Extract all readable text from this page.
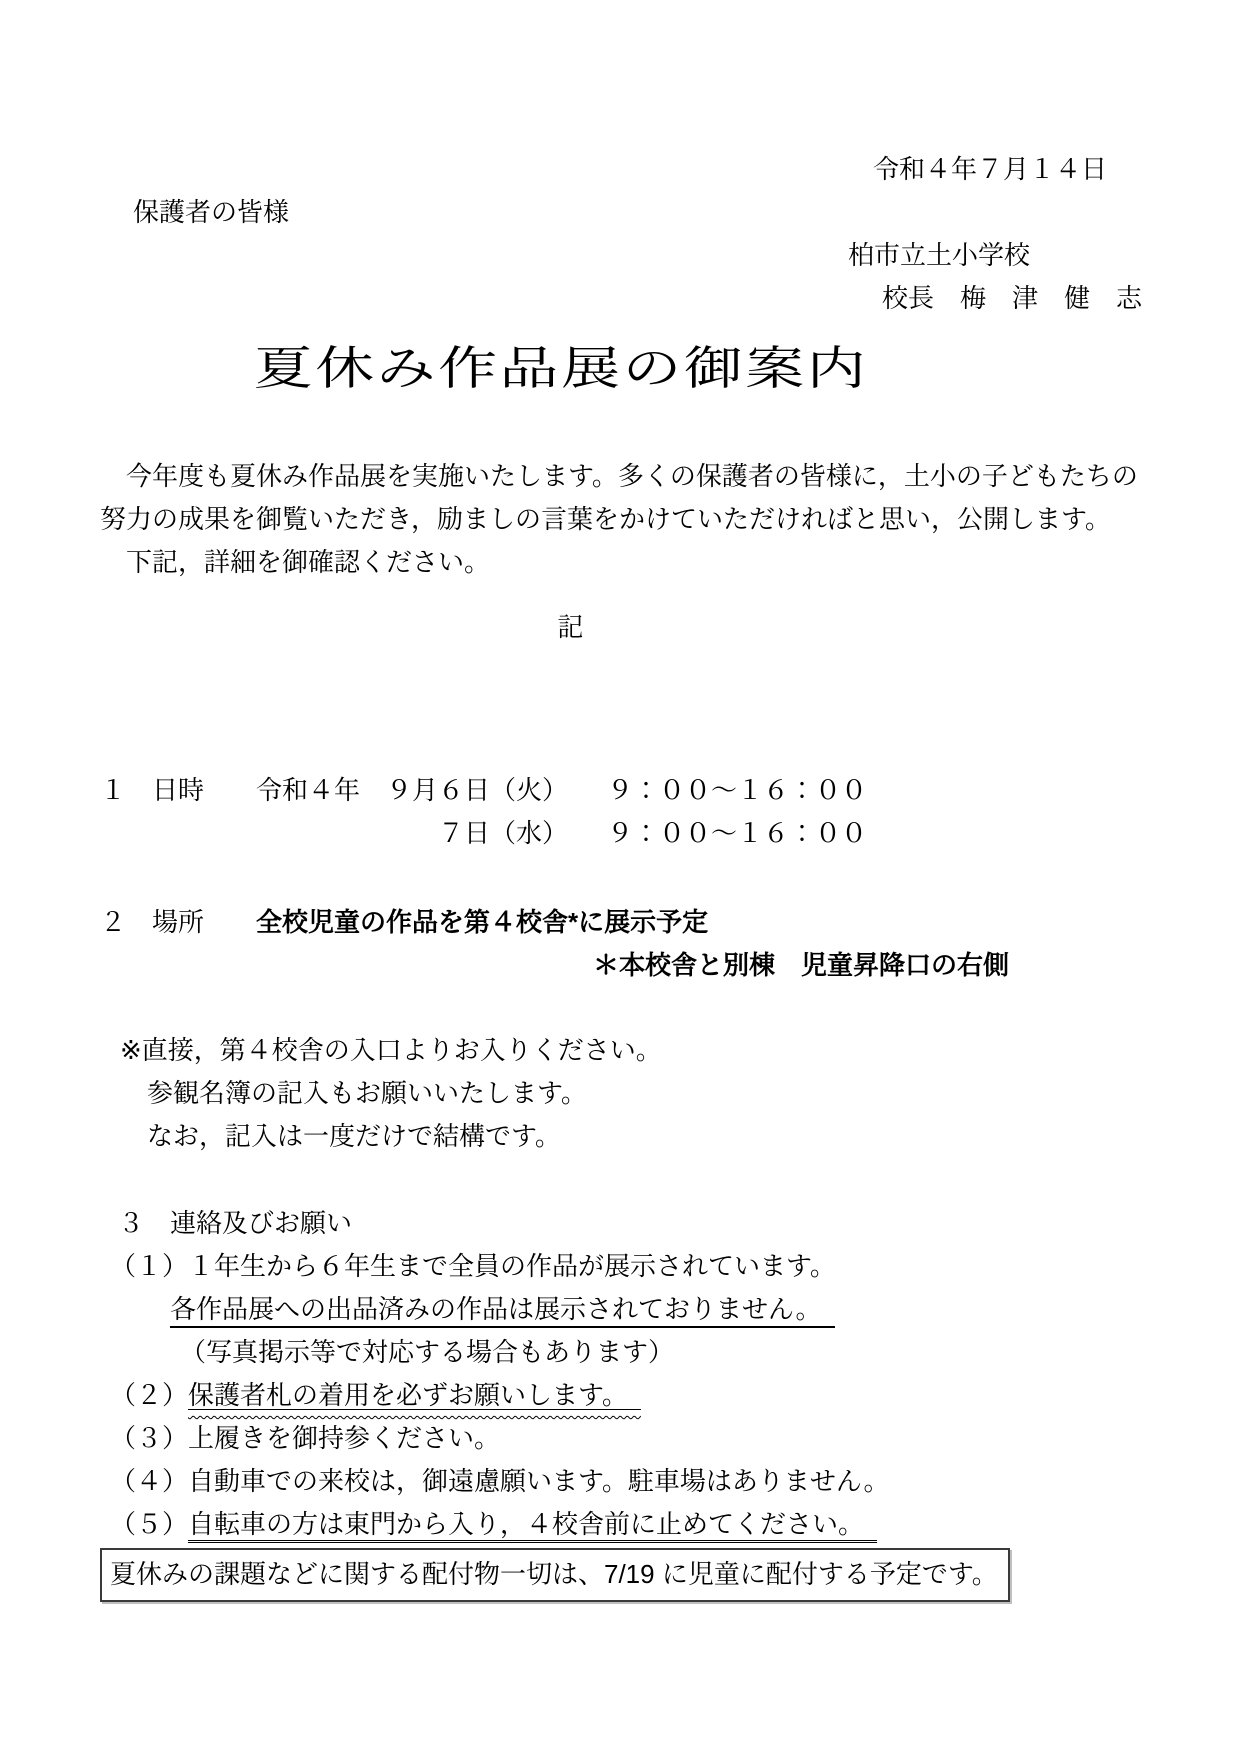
令和４年７月１４日
保護者の皆様
柏市立土小学校
校長　梅　津　健　志
夏休み作品展の御案内
　今年度も夏休み作品展を実施いたします。多くの保護者の皆様に，土小の子どもたちの
努力の成果を御覧いただき，励ましの言葉をかけていただければと思い，公開します。
　下記，詳細を御確認ください。
記
１　日時　　令和４年　９月６日（火）　　９：００～１６：００
　　　　　　　　　　　　　７日（水）　　９：００～１６：００
２　場所　　全校児童の作品を第４校舎*に展示予定
＊本校舎と別棟　児童昇降口の右側
※直接，第４校舎の入口よりお入りください。
参観名簿の記入もお願いいたします。
なお，記入は一度だけで結構です。
３　連絡及びお願い
（１）１年生から６年生まで全員の作品が展示されています。
各作品展への出品済みの作品は展示されておりません。　
（写真掲示等で対応する場合もあります）
（２）保護者札の着用を必ずお願いします。　
（３）上履きを御持参ください。
（４）自動車での来校は，御遠慮願います。駐車場はありません。
（５）自転車の方は東門から入り，４校舎前に止めてください。　
夏休みの課題などに関する配付物一切は、7/19 に児童に配付する予定です。
